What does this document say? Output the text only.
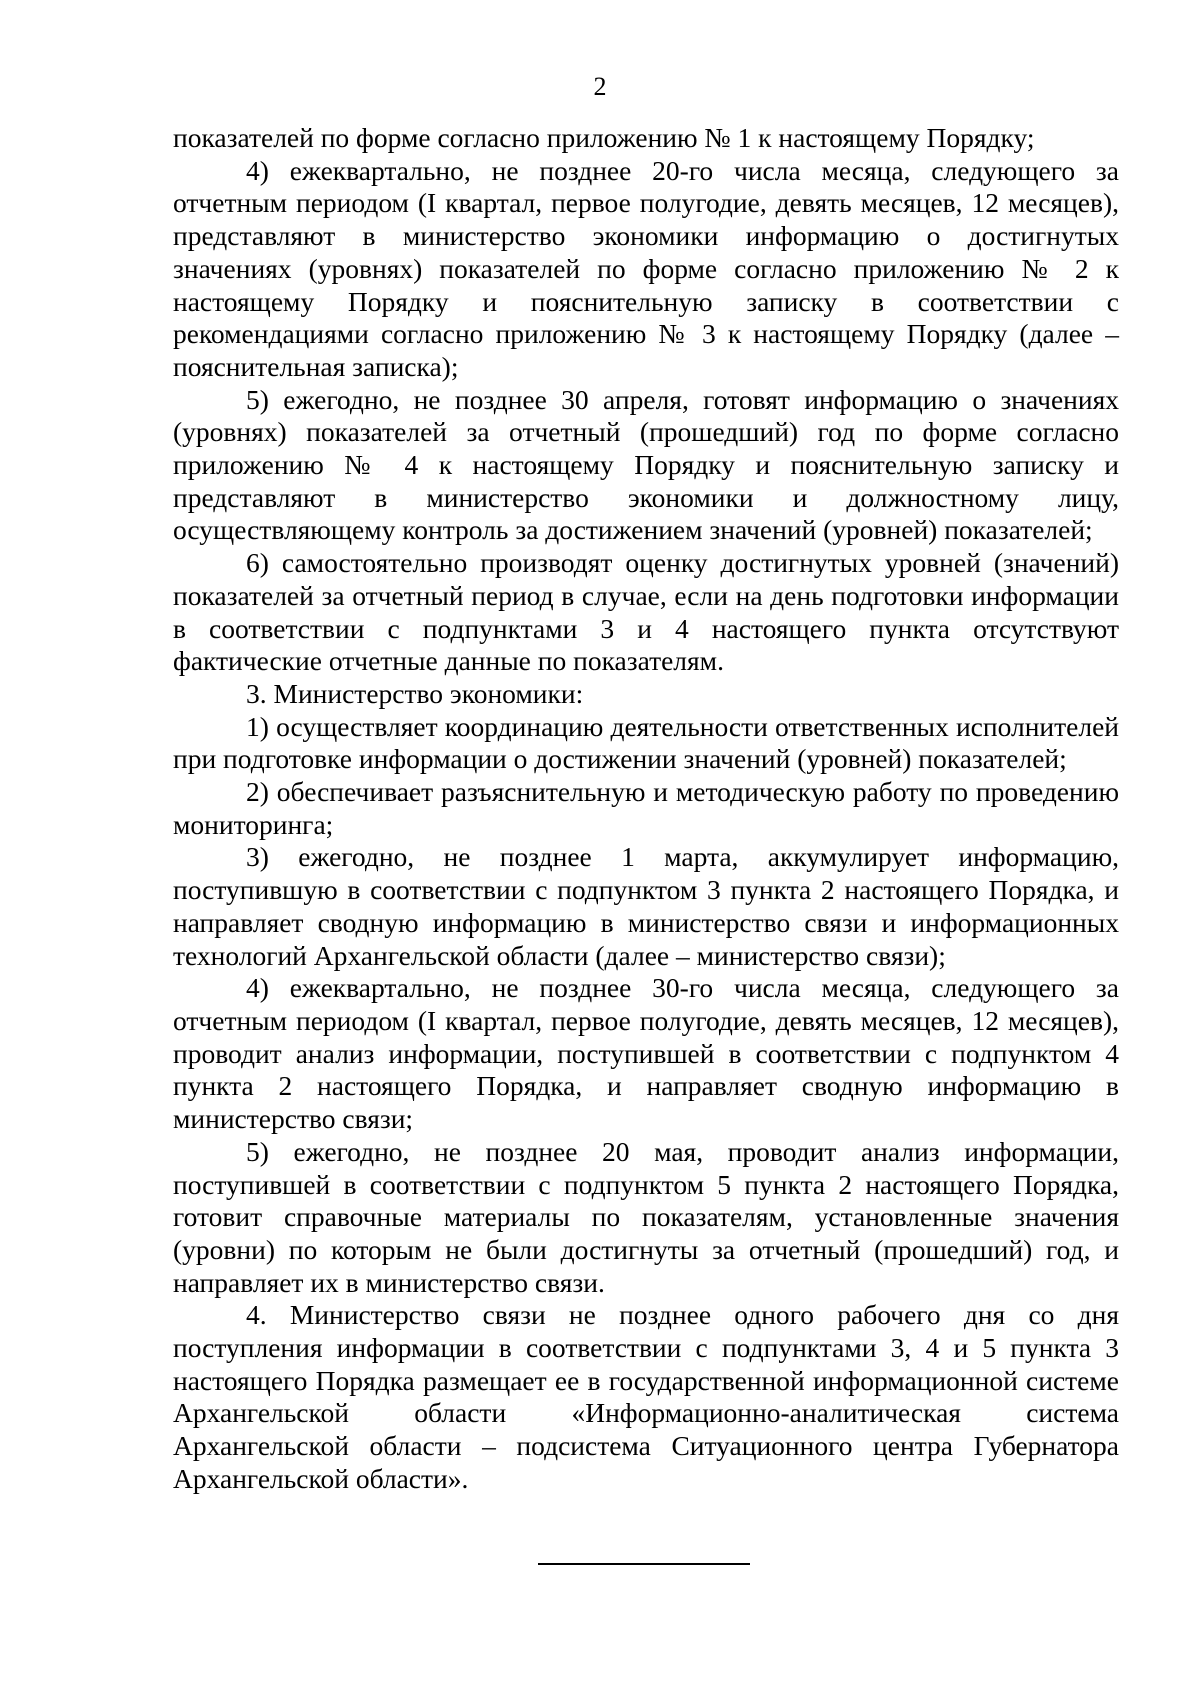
2

показателей по форме согласно приложению № 1 к настоящему Порядку;

4) ежеквартально, не позднее 20-го числа месяца, следующего за отчетным периодом (I квартал, первое полугодие, девять месяцев, 12 месяцев), представляют в министерство экономики информацию о достигнутых значениях (уровнях) показателей по форме согласно приложению № 2 к настоящему Порядку и пояснительную записку в соответствии с рекомендациями согласно приложению № 3 к настоящему Порядку (далее – пояснительная записка);

5) ежегодно, не позднее 30 апреля, готовят информацию о значениях (уровнях) показателей за отчетный (прошедший) год по форме согласно приложению № 4 к настоящему Порядку и пояснительную записку и представляют в министерство экономики и должностному лицу, осуществляющему контроль за достижением значений (уровней) показателей;

6) самостоятельно производят оценку достигнутых уровней (значений) показателей за отчетный период в случае, если на день подготовки информации в соответствии с подпунктами 3 и 4 настоящего пункта отсутствуют фактические отчетные данные по показателям.

3. Министерство экономики:

1) осуществляет координацию деятельности ответственных исполнителей при подготовке информации о достижении значений (уровней) показателей;

2) обеспечивает разъяснительную и методическую работу по проведению мониторинга;

3) ежегодно, не позднее 1 марта, аккумулирует информацию, поступившую в соответствии с подпунктом 3 пункта 2 настоящего Порядка, и направляет сводную информацию в министерство связи и информационных технологий Архангельской области (далее – министерство связи);

4) ежеквартально, не позднее 30-го числа месяца, следующего за отчетным периодом (I квартал, первое полугодие, девять месяцев, 12 месяцев), проводит анализ информации, поступившей в соответствии с подпунктом 4 пункта 2 настоящего Порядка, и направляет сводную информацию в министерство связи;

5) ежегодно, не позднее 20 мая, проводит анализ информации, поступившей в соответствии с подпунктом 5 пункта 2 настоящего Порядка, готовит справочные материалы по показателям, установленные значения (уровни) по которым не были достигнуты за отчетный (прошедший) год, и направляет их в министерство связи.

4. Министерство связи не позднее одного рабочего дня со дня поступления информации в соответствии с подпунктами 3, 4 и 5 пункта 3 настоящего Порядка размещает ее в государственной информационной системе Архангельской области «Информационно-аналитическая система Архангельской области – подсистема Ситуационного центра Губернатора Архангельской области».
